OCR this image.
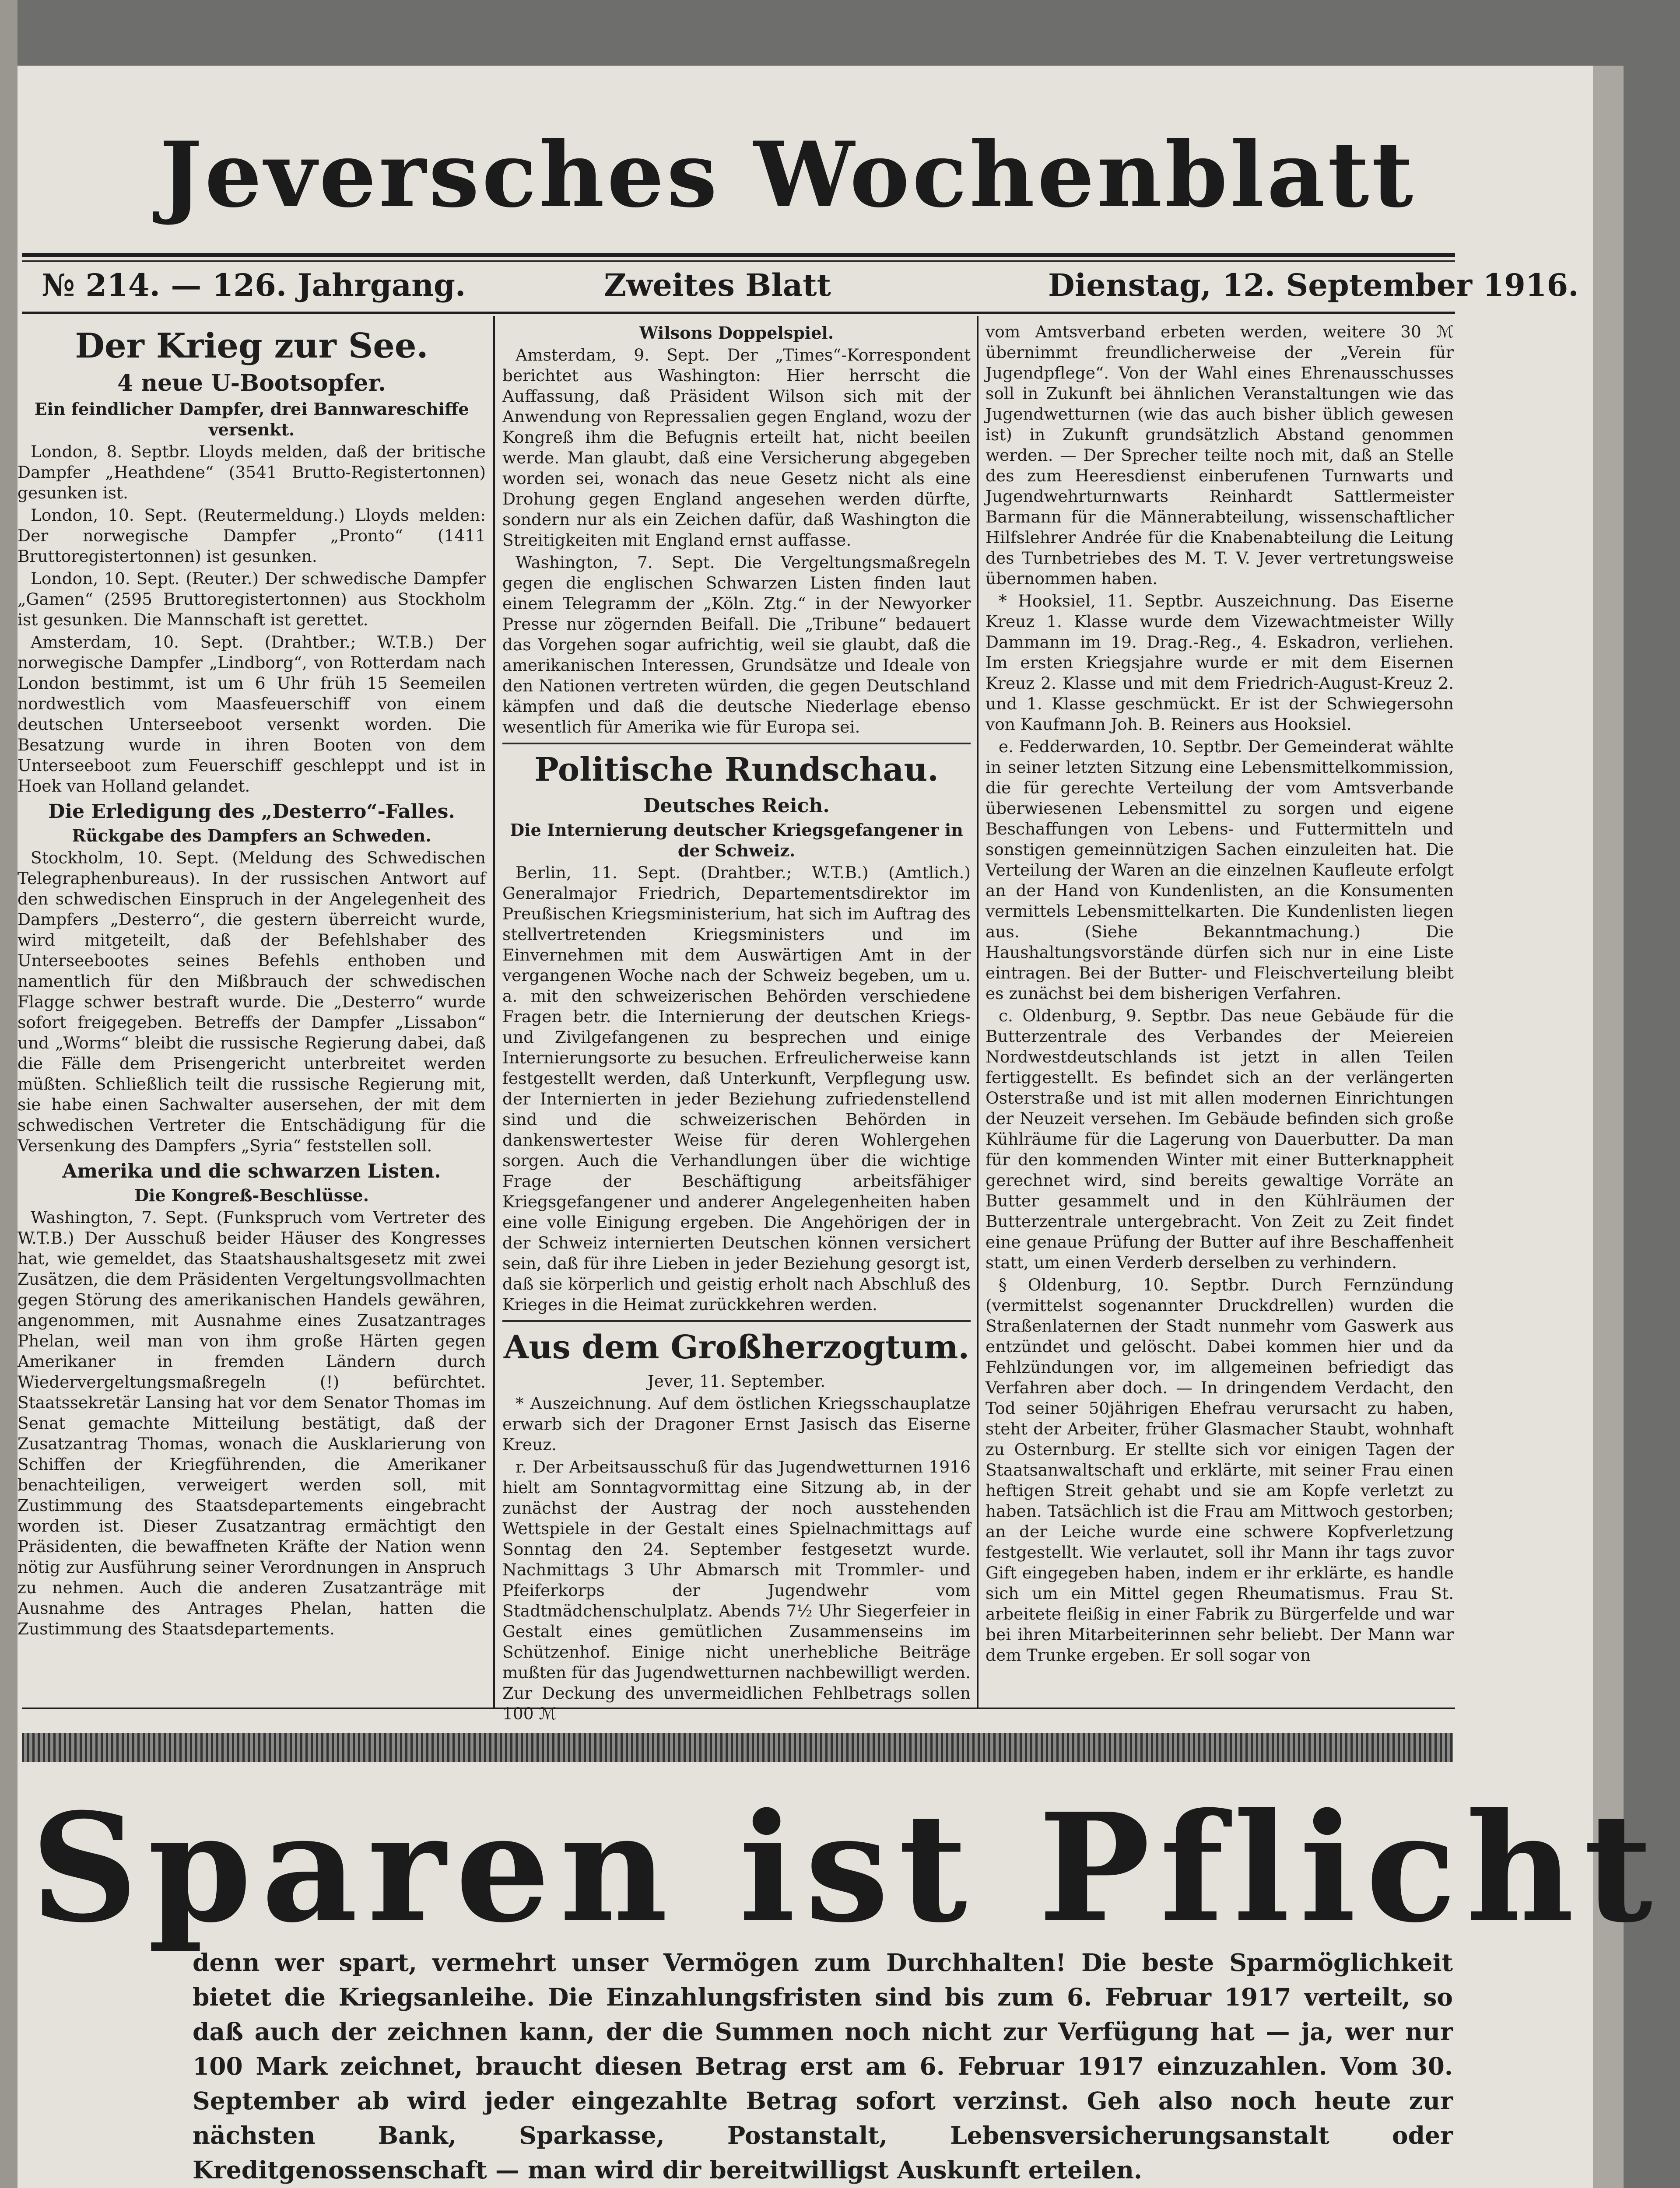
Jeversches Wochenblatt
№ 214. — 126. Jahrgang.	Zweites Blatt	Dienstag, 12. September 1916.

Der Krieg zur See.

4 neue U-Bootsopfer.

Ein feindlicher Dampfer, drei Bannwareschiffe versenkt.

London, 8. Septbr. Lloyds melden, daß der britische Dampfer „Heathdene“ (3541 Brutto-Registertonnen) gesunken ist.

London, 10. Sept. (Reutermeldung.) Lloyds melden: Der norwegische Dampfer „Pronto“ (1411 Bruttoregistertonnen) ist gesunken.

London, 10. Sept. (Reuter.) Der schwedische Dampfer „Gamen“ (2595 Bruttoregistertonnen) aus Stockholm ist gesunken. Die Mannschaft ist gerettet.

Amsterdam, 10. Sept. (Drahtber.; W.T.B.) Der norwegische Dampfer „Lindborg“, von Rotterdam nach London bestimmt, ist um 6 Uhr früh 15 Seemeilen nordwestlich vom Maasfeuerschiff von einem deutschen Unterseeboot versenkt worden. Die Besatzung wurde in ihren Booten von dem Unterseeboot zum Feuerschiff geschleppt und ist in Hoek van Holland gelandet.

Die Erledigung des „Desterro“-Falles.

Rückgabe des Dampfers an Schweden.

Stockholm, 10. Sept. (Meldung des Schwedischen Telegraphenbureaus). In der russischen Antwort auf den schwedischen Einspruch in der Angelegenheit des Dampfers „Desterro“, die gestern überreicht wurde, wird mitgeteilt, daß der Befehlshaber des Unterseebootes seines Befehls enthoben und namentlich für den Mißbrauch der schwedischen Flagge schwer bestraft wurde. Die „Desterro“ wurde sofort freigegeben. Betreffs der Dampfer „Lissabon“ und „Worms“ bleibt die russische Regierung dabei, daß die Fälle dem Prisengericht unterbreitet werden müßten. Schließlich teilt die russische Regierung mit, sie habe einen Sachwalter ausersehen, der mit dem schwedischen Vertreter die Entschädigung für die Versenkung des Dampfers „Syria“ feststellen soll.

Amerika und die schwarzen Listen.

Die Kongreß-Beschlüsse.

Washington, 7. Sept. (Funkspruch vom Vertreter des W.T.B.) Der Ausschuß beider Häuser des Kongresses hat, wie gemeldet, das Staatshaushaltsgesetz mit zwei Zusätzen, die dem Präsidenten Vergeltungsvollmachten gegen Störung des amerikanischen Handels gewähren, angenommen, mit Ausnahme eines Zusatzantrages Phelan, weil man von ihm große Härten gegen Amerikaner in fremden Ländern durch Wiedervergeltungsmaßregeln (!) befürchtet. Staatssekretär Lansing hat vor dem Senator Thomas im Senat gemachte Mitteilung bestätigt, daß der Zusatzantrag Thomas, wonach die Ausklarierung von Schiffen der Kriegführenden, die Amerikaner benachteiligen, verweigert werden soll, mit Zustimmung des Staatsdepartements eingebracht worden ist. Dieser Zusatzantrag ermächtigt den Präsidenten, die bewaffneten Kräfte der Nation wenn nötig zur Ausführung seiner Verordnungen in Anspruch zu nehmen. Auch die anderen Zusatzanträge mit Ausnahme des Antrages Phelan, hatten die Zustimmung des Staatsdepartements.

Wilsons Doppelspiel.

Amsterdam, 9. Sept. Der „Times“-Korrespondent berichtet aus Washington: Hier herrscht die Auffassung, daß Präsident Wilson sich mit der Anwendung von Repressalien gegen England, wozu der Kongreß ihm die Befugnis erteilt hat, nicht beeilen werde. Man glaubt, daß eine Versicherung abgegeben worden sei, wonach das neue Gesetz nicht als eine Drohung gegen England angesehen werden dürfte, sondern nur als ein Zeichen dafür, daß Washington die Streitigkeiten mit England ernst auffasse.

Washington, 7. Sept. Die Vergeltungsmaßregeln gegen die englischen Schwarzen Listen finden laut einem Telegramm der „Köln. Ztg.“ in der Newyorker Presse nur zögernden Beifall. Die „Tribune“ bedauert das Vorgehen sogar aufrichtig, weil sie glaubt, daß die amerikanischen Interessen, Grundsätze und Ideale von den Nationen vertreten würden, die gegen Deutschland kämpfen und daß die deutsche Niederlage ebenso wesentlich für Amerika wie für Europa sei.

Politische Rundschau.

Deutsches Reich.

Die Internierung deutscher Kriegsgefangener in der Schweiz.

Berlin, 11. Sept. (Drahtber.; W.T.B.) (Amtlich.) Generalmajor Friedrich, Departementsdirektor im Preußischen Kriegsministerium, hat sich im Auftrag des stellvertretenden Kriegsministers und im Einvernehmen mit dem Auswärtigen Amt in der vergangenen Woche nach der Schweiz begeben, um u. a. mit den schweizerischen Behörden verschiedene Fragen betr. die Internierung der deutschen Kriegs- und Zivilgefangenen zu besprechen und einige Internierungsorte zu besuchen. Erfreulicherweise kann festgestellt werden, daß Unterkunft, Verpflegung usw. der Internierten in jeder Beziehung zufriedenstellend sind und die schweizerischen Behörden in dankenswertester Weise für deren Wohlergehen sorgen. Auch die Verhandlungen über die wichtige Frage der Beschäftigung arbeitsfähiger Kriegsgefangener und anderer Angelegenheiten haben eine volle Einigung ergeben. Die Angehörigen der in der Schweiz internierten Deutschen können versichert sein, daß für ihre Lieben in jeder Beziehung gesorgt ist, daß sie körperlich und geistig erholt nach Abschluß des Krieges in die Heimat zurückkehren werden.

Aus dem Großherzogtum.

Jever, 11. September.

* Auszeichnung. Auf dem östlichen Kriegsschauplatze erwarb sich der Dragoner Ernst Jasisch das Eiserne Kreuz.

r. Der Arbeitsausschuß für das Jugendwetturnen 1916 hielt am Sonntagvormittag eine Sitzung ab, in der zunächst der Austrag der noch ausstehenden Wettspiele in der Gestalt eines Spielnachmittags auf Sonntag den 24. September festgesetzt wurde. Nachmittags 3 Uhr Abmarsch mit Trommler- und Pfeiferkorps der Jugendwehr vom Stadtmädchenschulplatz. Abends 7½ Uhr Siegerfeier in Gestalt eines gemütlichen Zusammenseins im Schützenhof. Einige nicht unerhebliche Beiträge mußten für das Jugendwetturnen nachbewilligt werden. Zur Deckung des unvermeidlichen Fehlbetrags sollen 100 ℳ

vom Amtsverband erbeten werden, weitere 30 ℳ übernimmt freundlicherweise der „Verein für Jugendpflege“. Von der Wahl eines Ehrenausschusses soll in Zukunft bei ähnlichen Veranstaltungen wie das Jugendwetturnen (wie das auch bisher üblich gewesen ist) in Zukunft grundsätzlich Abstand genommen werden. — Der Sprecher teilte noch mit, daß an Stelle des zum Heeresdienst einberufenen Turnwarts und Jugendwehrturnwarts Reinhardt Sattlermeister Barmann für die Männerabteilung, wissenschaftlicher Hilfslehrer Andrée für die Knabenabteilung die Leitung des Turnbetriebes des M. T. V. Jever vertretungsweise übernommen haben.

* Hooksiel, 11. Septbr. Auszeichnung. Das Eiserne Kreuz 1. Klasse wurde dem Vizewachtmeister Willy Dammann im 19. Drag.-Reg., 4. Eskadron, verliehen. Im ersten Kriegsjahre wurde er mit dem Eisernen Kreuz 2. Klasse und mit dem Friedrich-August-Kreuz 2. und 1. Klasse geschmückt. Er ist der Schwiegersohn von Kaufmann Joh. B. Reiners aus Hooksiel.

e. Fedderwarden, 10. Septbr. Der Gemeinderat wählte in seiner letzten Sitzung eine Lebensmittelkommission, die für gerechte Verteilung der vom Amtsverbande überwiesenen Lebensmittel zu sorgen und eigene Beschaffungen von Lebens- und Futtermitteln und sonstigen gemeinnützigen Sachen einzuleiten hat. Die Verteilung der Waren an die einzelnen Kaufleute erfolgt an der Hand von Kundenlisten, an die Konsumenten vermittels Lebensmittelkarten. Die Kundenlisten liegen aus. (Siehe Bekanntmachung.) Die Haushaltungsvorstände dürfen sich nur in eine Liste eintragen. Bei der Butter- und Fleischverteilung bleibt es zunächst bei dem bisherigen Verfahren.

c. Oldenburg, 9. Septbr. Das neue Gebäude für die Butterzentrale des Verbandes der Meiereien Nordwestdeutschlands ist jetzt in allen Teilen fertiggestellt. Es befindet sich an der verlängerten Osterstraße und ist mit allen modernen Einrichtungen der Neuzeit versehen. Im Gebäude befinden sich große Kühlräume für die Lagerung von Dauerbutter. Da man für den kommenden Winter mit einer Butterknappheit gerechnet wird, sind bereits gewaltige Vorräte an Butter gesammelt und in den Kühlräumen der Butterzentrale untergebracht. Von Zeit zu Zeit findet eine genaue Prüfung der Butter auf ihre Beschaffenheit statt, um einen Verderb derselben zu verhindern.

§ Oldenburg, 10. Septbr. Durch Fernzündung (vermittelst sogenannter Druckdrellen) wurden die Straßenlaternen der Stadt nunmehr vom Gaswerk aus entzündet und gelöscht. Dabei kommen hier und da Fehlzündungen vor, im allgemeinen befriedigt das Verfahren aber doch. — In dringendem Verdacht, den Tod seiner 50jährigen Ehefrau verursacht zu haben, steht der Arbeiter, früher Glasmacher Staubt, wohnhaft zu Osternburg. Er stellte sich vor einigen Tagen der Staatsanwaltschaft und erklärte, mit seiner Frau einen heftigen Streit gehabt und sie am Kopfe verletzt zu haben. Tatsächlich ist die Frau am Mittwoch gestorben; an der Leiche wurde eine schwere Kopfverletzung festgestellt. Wie verlautet, soll ihr Mann ihr tags zuvor Gift eingegeben haben, indem er ihr erklärte, es handle sich um ein Mittel gegen Rheumatismus. Frau St. arbeitete fleißig in einer Fabrik zu Bürgerfelde und war bei ihren Mitarbeiterinnen sehr beliebt. Der Mann war dem Trunke ergeben. Er soll sogar von

Sparen ist Pflicht
denn wer spart, vermehrt unser Vermögen zum Durchhalten! Die beste Sparmöglichkeit bietet die Kriegsanleihe. Die Einzahlungsfristen sind bis zum 6. Februar 1917 verteilt, so daß auch der zeichnen kann, der die Summen noch nicht zur Verfügung hat — ja, wer nur 100 Mark zeichnet, braucht diesen Betrag erst am 6. Februar 1917 einzuzahlen. Vom 30. September ab wird jeder eingezahlte Betrag sofort verzinst. Geh also noch heute zur nächsten Bank, Sparkasse, Postanstalt, Lebensversicherungsanstalt oder Kreditgenossenschaft — man wird dir bereitwilligst Auskunft erteilen.
